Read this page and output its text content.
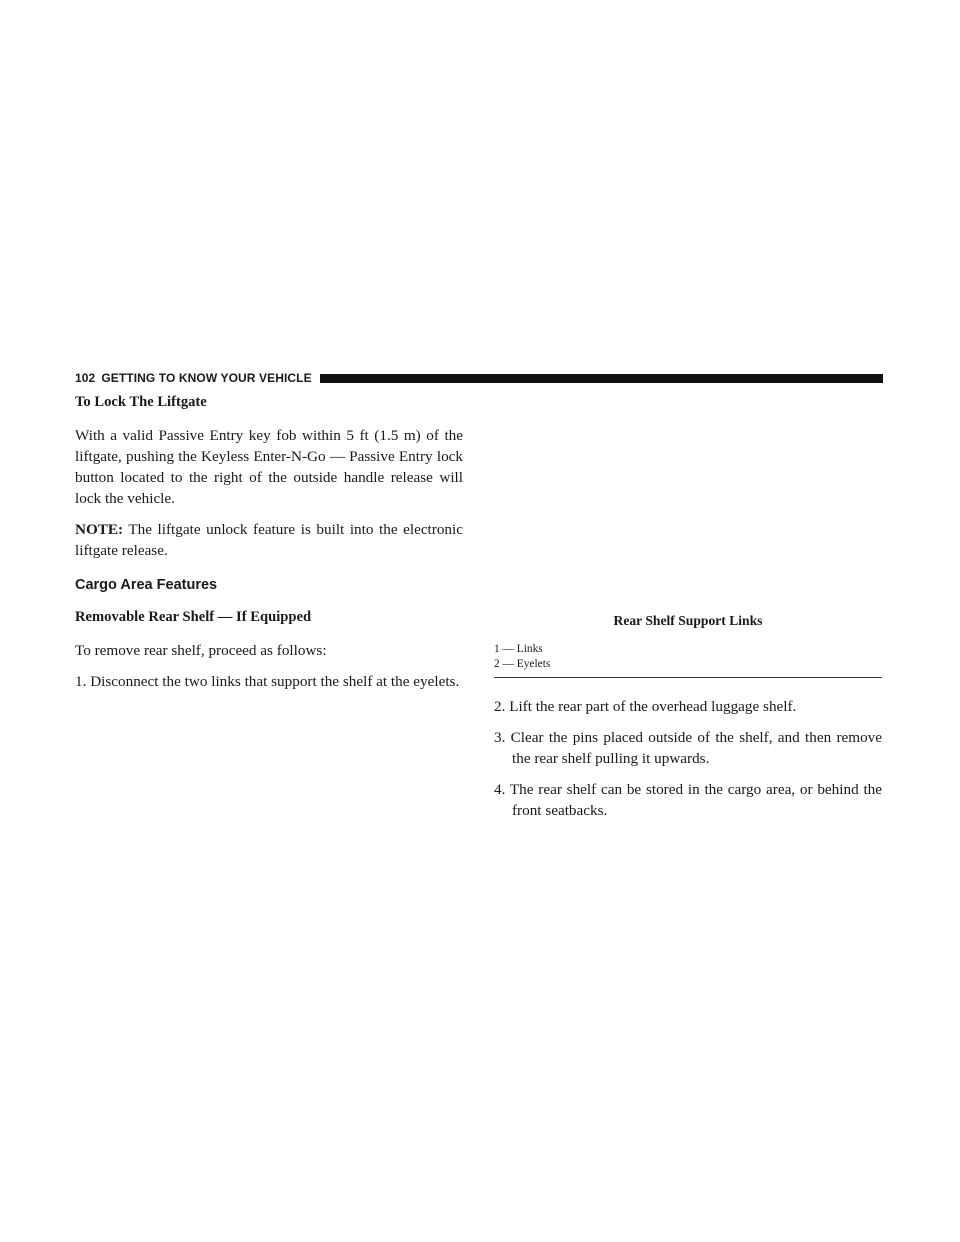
102 GETTING TO KNOW YOUR VEHICLE
To Lock The Liftgate

With a valid Passive Entry key fob within 5 ft (1.5 m) of the liftgate, pushing the Keyless Enter-N-Go — Passive Entry lock button located to the right of the outside handle release will lock the vehicle.

NOTE: The liftgate unlock feature is built into the electronic liftgate release.

Cargo Area Features
Removable Rear Shelf — If Equipped

To remove rear shelf, proceed as follows:

1. Disconnect the two links that support the shelf at the eyelets.
Rear Shelf Support Links
1 — Links
2 — Eyelets
2. Lift the rear part of the overhead luggage shelf.
3. Clear the pins placed outside of the shelf, and then remove the rear shelf pulling it upwards.
4. The rear shelf can be stored in the cargo area, or behind the front seatbacks.
